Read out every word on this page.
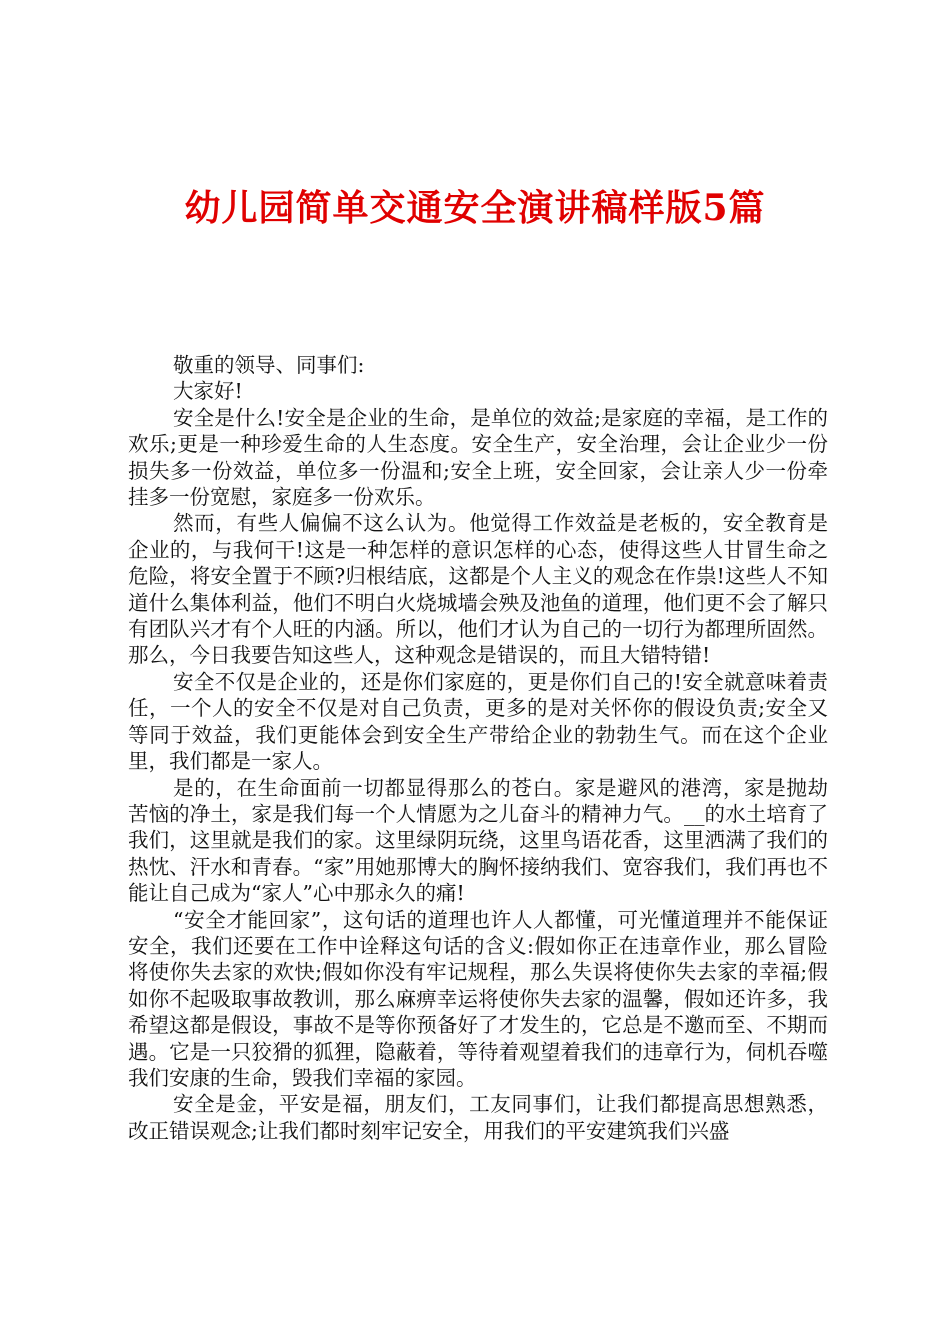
幼儿园简单交通安全演讲稿样版5篇

敬重的领导、同事们:

大家好!

安全是什么!安全是企业的生命，是单位的效益;是家庭的幸福，是工作的欢乐;更是一种珍爱生命的人生态度。安全生产，安全治理，会让企业少一份损失多一份效益，单位多一份温和;安全上班，安全回家，会让亲人少一份牵挂多一份宽慰，家庭多一份欢乐。

然而，有些人偏偏不这么认为。他觉得工作效益是老板的，安全教育是企业的，与我何干!这是一种怎样的意识怎样的心态，使得这些人甘冒生命之危险，将安全置于不顾?归根结底，这都是个人主义的观念在作祟!这些人不知道什么集体利益，他们不明白火烧城墙会殃及池鱼的道理，他们更不会了解只有团队兴才有个人旺的内涵。所以，他们才认为自己的一切行为都理所固然。那么，今日我要告知这些人，这种观念是错误的，而且大错特错!

安全不仅是企业的，还是你们家庭的，更是你们自己的!安全就意味着责任，一个人的安全不仅是对自己负责，更多的是对关怀你的假设负责;安全又等同于效益，我们更能体会到安全生产带给企业的勃勃生气。而在这个企业里，我们都是一家人。

是的，在生命面前一切都显得那么的苍白。家是避风的港湾，家是抛劫苦恼的净土，家是我们每一个人情愿为之儿奋斗的精神力气。__的水土培育了我们，这里就是我们的家。这里绿阴玩绕，这里鸟语花香，这里洒满了我们的热忱、汗水和青春。“家”用她那博大的胸怀接纳我们、宽容我们，我们再也不能让自己成为“家人”心中那永久的痛!

“安全才能回家”，这句话的道理也许人人都懂，可光懂道理并不能保证安全，我们还要在工作中诠释这句话的含义:假如你正在违章作业，那么冒险将使你失去家的欢快;假如你没有牢记规程，那么失误将使你失去家的幸福;假如你不起吸取事故教训，那么麻痹幸运将使你失去家的温馨，假如还许多，我希望这都是假设，事故不是等你预备好了才发生的，它总是不邀而至、不期而遇。它是一只狡猾的狐狸，隐蔽着，等待着观望着我们的违章行为，伺机吞噬我们安康的生命，毁我们幸福的家园。

安全是金，平安是福，朋友们，工友同事们，让我们都提高思想熟悉，改正错误观念;让我们都时刻牢记安全，用我们的平安建筑我们兴盛
